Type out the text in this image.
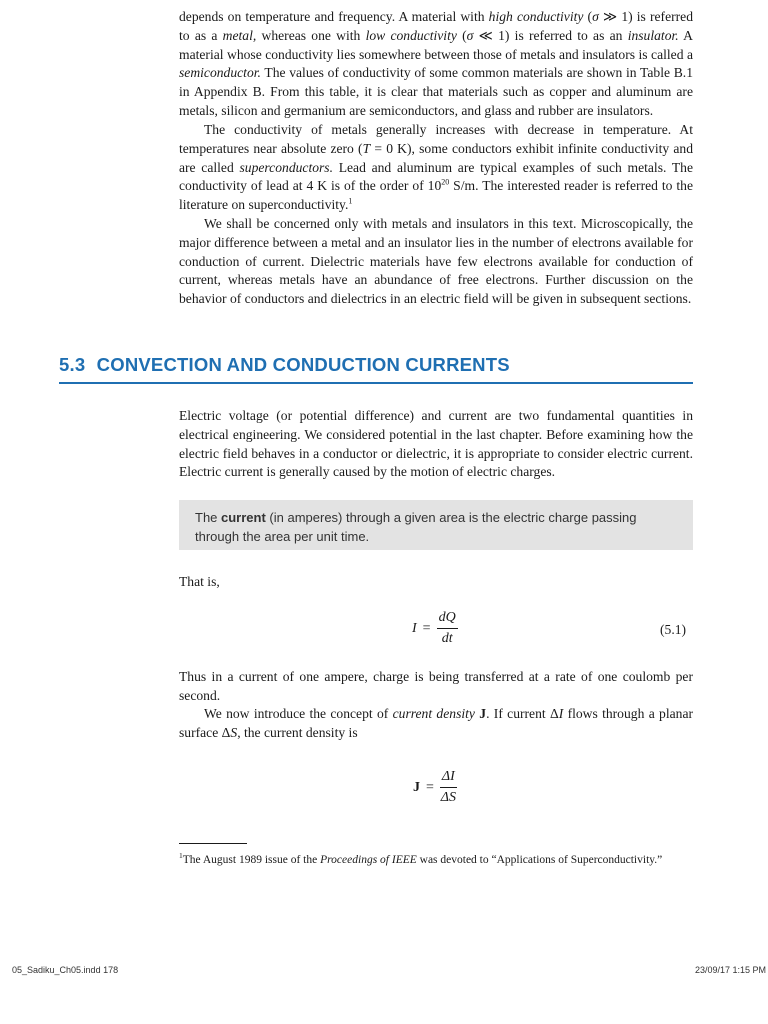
depends on temperature and frequency. A material with high conductivity (σ ≫ 1) is referred to as a metal, whereas one with low conductivity (σ ≪ 1) is referred to as an insulator. A material whose conductivity lies somewhere between those of metals and insulators is called a semiconductor. The values of conductivity of some common materials are shown in Table B.1 in Appendix B. From this table, it is clear that materials such as copper and aluminum are metals, silicon and germanium are semiconductors, and glass and rubber are insulators.

The conductivity of metals generally increases with decrease in temperature. At temperatures near absolute zero (T = 0 K), some conductors exhibit infinite conductivity and are called superconductors. Lead and aluminum are typical examples of such metals. The conductivity of lead at 4 K is of the order of 10$^{20}$ S/m. The interested reader is referred to the literature on superconductivity.$^1$

We shall be concerned only with metals and insulators in this text. Microscopically, the major difference between a metal and an insulator lies in the number of electrons available for conduction of current. Dielectric materials have few electrons available for conduction of current, whereas metals have an abundance of free electrons. Further discussion on the behavior of conductors and dielectrics in an electric field will be given in subsequent sections.

5.3 CONVECTION AND CONDUCTION CURRENTS

Electric voltage (or potential difference) and current are two fundamental quantities in electrical engineering. We considered potential in the last chapter. Before examining how the electric field behaves in a conductor or dielectric, it is appropriate to consider electric current. Electric current is generally caused by the motion of electric charges.

The current (in amperes) through a given area is the electric charge passing through the area per unit time.

That is,

$I = \frac{dQ}{dt}$	(5.1)

Thus in a current of one ampere, charge is being transferred at a rate of one coulomb per second.

We now introduce the concept of current density J. If current ΔI flows through a planar surface ΔS, the current density is

$J = \frac{\Delta I}{\Delta S}$
$^1$The August 1989 issue of the Proceedings of IEEE was devoted to “Applications of Superconductivity.”
05_Sadiku_Ch05.indd 178	23/09/17 1:15 PM
